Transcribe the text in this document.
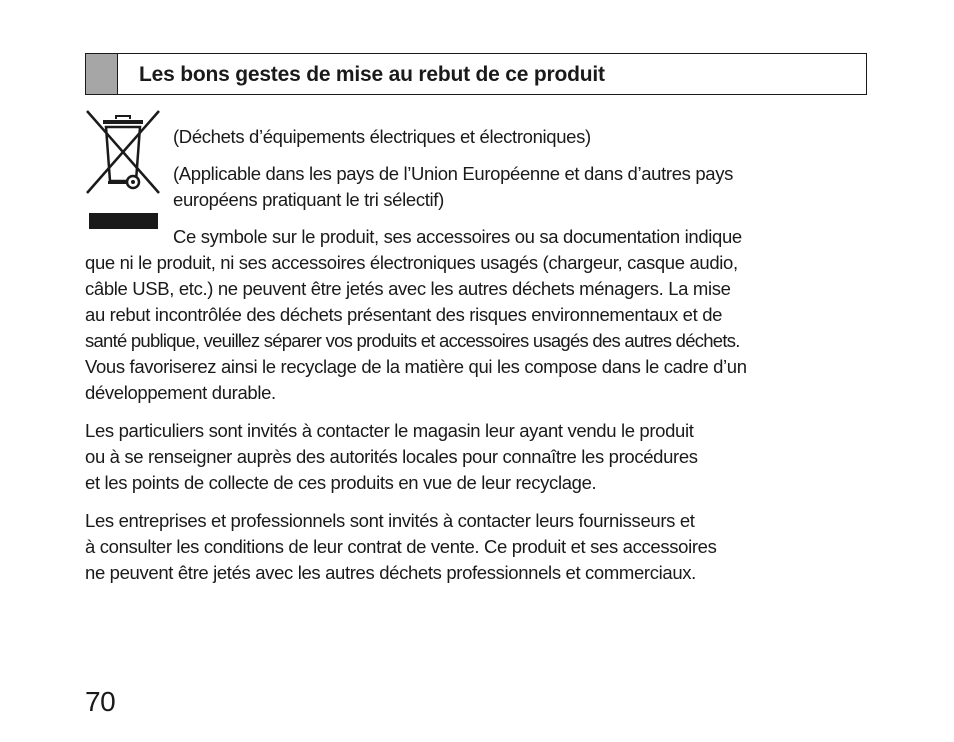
Les bons gestes de mise au rebut de ce produit

(Déchets d’équipements électriques et électroniques)

(Applicable dans les pays de l’Union Européenne et dans d’autres pays
européens pratiquant le tri sélectif)

Ce symbole sur le produit, ses accessoires ou sa documentation indique
que ni le produit, ni ses accessoires électroniques usagés (chargeur, casque audio,
câble USB, etc.) ne peuvent être jetés avec les autres déchets ménagers. La mise
au rebut incontrôlée des déchets présentant des risques environnementaux et de
santé publique, veuillez séparer vos produits et accessoires usagés des autres déchets.
Vous favoriserez ainsi le recyclage de la matière qui les compose dans le cadre d’un
développement durable.
Les particuliers sont invités à contacter le magasin leur ayant vendu le produit
ou à se renseigner auprès des autorités locales pour connaître les procédures
et les points de collecte de ces produits en vue de leur recyclage.
Les entreprises et professionnels sont invités à contacter leurs fournisseurs et
à consulter les conditions de leur contrat de vente. Ce produit et ses accessoires
ne peuvent être jetés avec les autres déchets professionnels et commerciaux.
70
